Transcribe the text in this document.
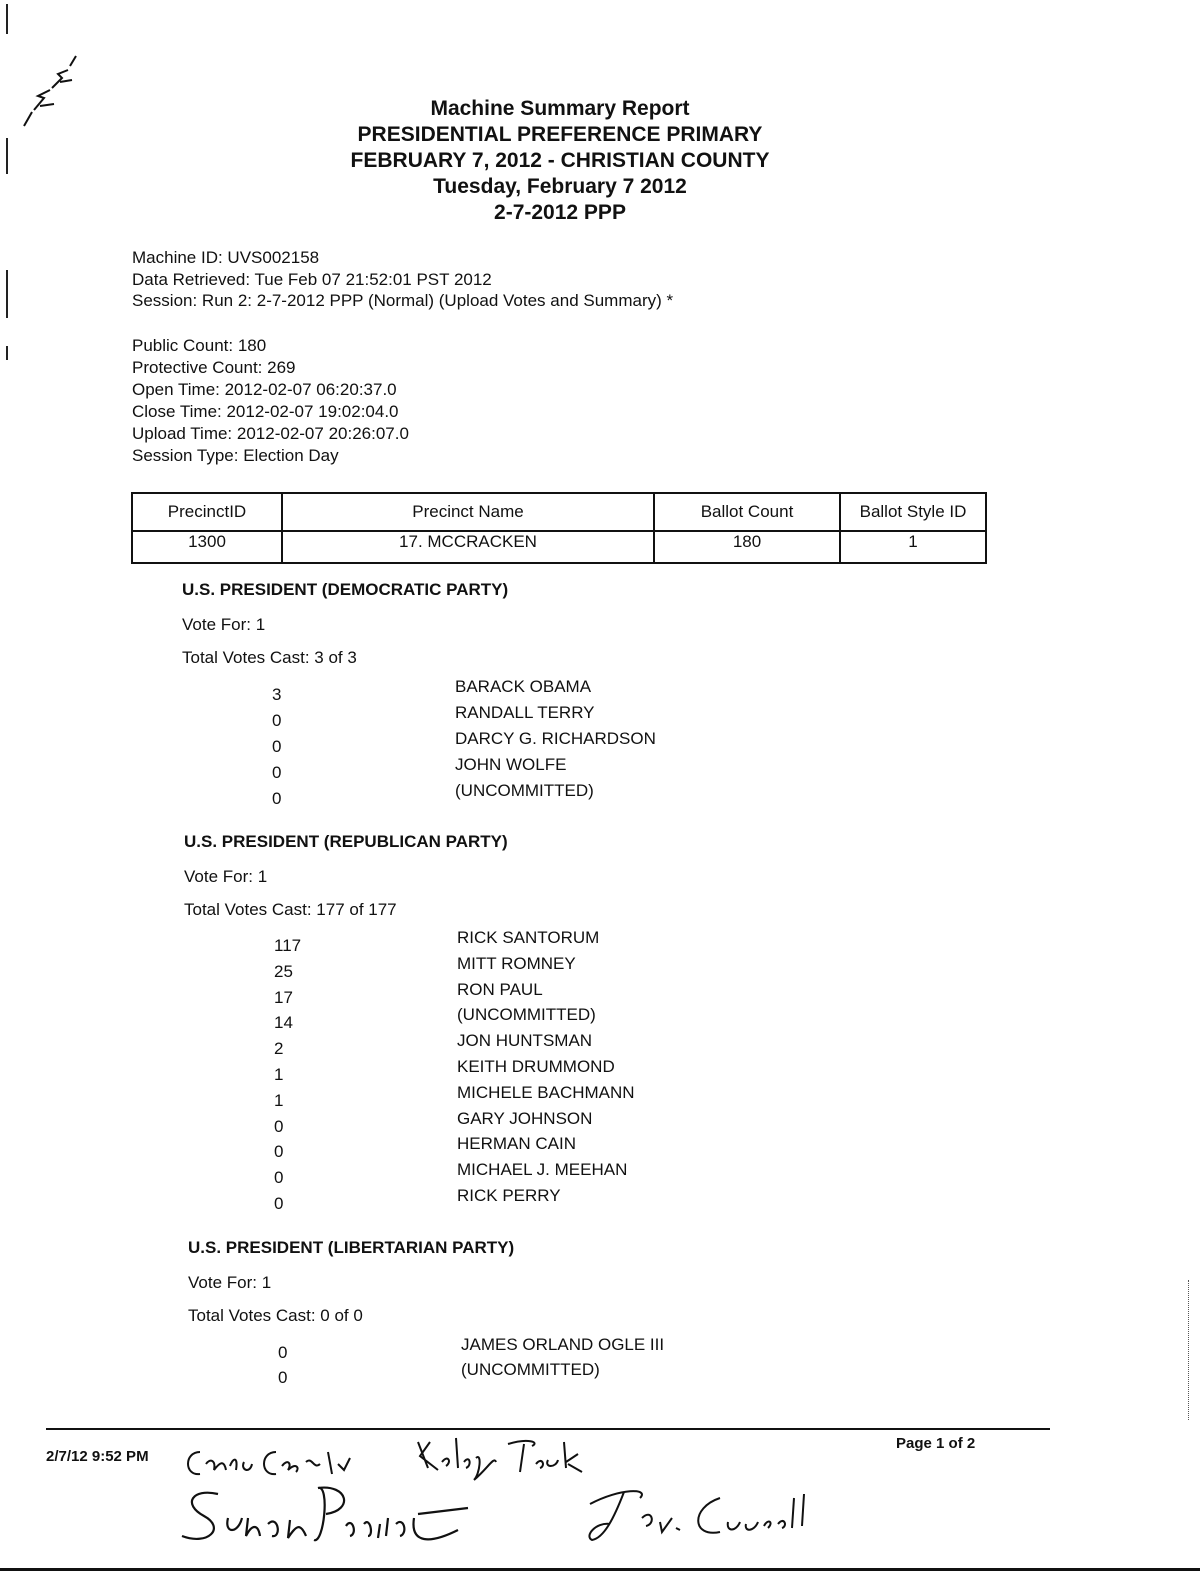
Machine Summary Report
PRESIDENTIAL PREFERENCE PRIMARY
FEBRUARY 7, 2012 - CHRISTIAN COUNTY
Tuesday, February 7 2012
2-7-2012 PPP
Machine ID: UVS002158
Data Retrieved: Tue Feb 07 21:52:01 PST 2012
Session: Run 2: 2-7-2012 PPP (Normal) (Upload Votes and Summary) *
Public Count: 180
Protective Count: 269
Open Time: 2012-02-07 06:20:37.0
Close Time: 2012-02-07 19:02:04.0
Upload Time: 2012-02-07 20:26:07.0
Session Type: Election Day
PrecinctID	Precinct Name	Ballot Count	Ballot Style ID
1300	17. MCCRACKEN	180	1
U.S. PRESIDENT (DEMOCRATIC PARTY)
Vote For: 1
Total Votes Cast: 3 of 3
3	BARACK OBAMA
0	RANDALL TERRY
0	DARCY G. RICHARDSON
0	JOHN WOLFE
0	(UNCOMMITTED)
U.S. PRESIDENT (REPUBLICAN PARTY)
Vote For: 1
Total Votes Cast: 177 of 177
117	RICK SANTORUM
25	MITT ROMNEY
17	RON PAUL
14	(UNCOMMITTED)
2	JON HUNTSMAN
1	KEITH DRUMMOND
1	MICHELE BACHMANN
0	GARY JOHNSON
0	HERMAN CAIN
0	MICHAEL J. MEEHAN
0	RICK PERRY
U.S. PRESIDENT (LIBERTARIAN PARTY)
Vote For: 1
Total Votes Cast: 0 of 0
0	JAMES ORLAND OGLE III
0	(UNCOMMITTED)
2/7/12 9:52 PM
Page 1 of 2
